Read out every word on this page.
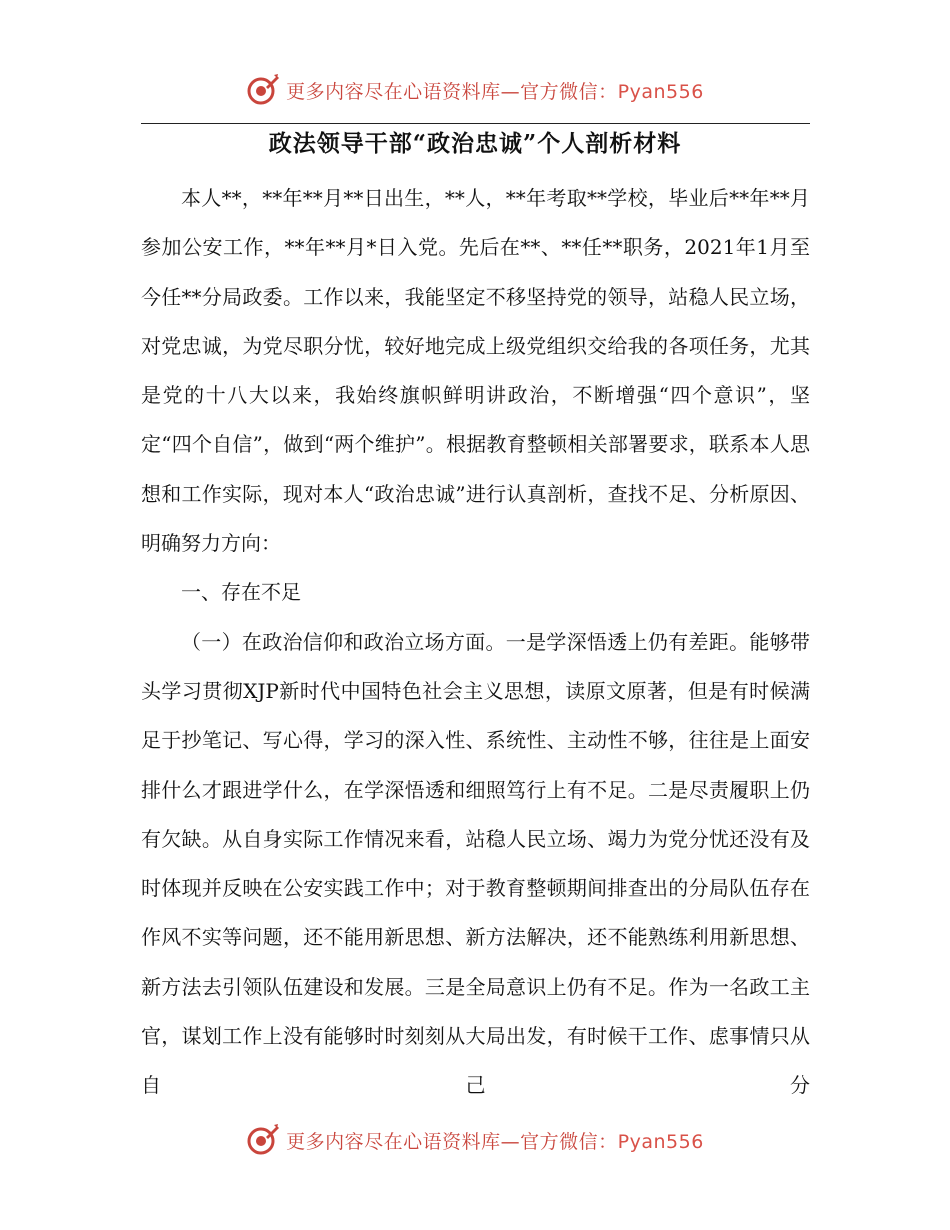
更多内容尽在心语资料库—官方微信：Pyan556
政法领导干部“政治忠诚”个人剖析材料

本人**，**年**月**日出生，**人，**年考取**学校，毕业后**年**月参加公安工作，**年**月*日入党。先后在**、**任**职务，2021年1月至今任**分局政委。工作以来，我能坚定不移坚持党的领导，站稳人民立场，对党忠诚，为党尽职分忧，较好地完成上级党组织交给我的各项任务，尤其是党的十八大以来，我始终旗帜鲜明讲政治，不断增强“四个意识”，坚定“四个自信”，做到“两个维护”。根据教育整顿相关部署要求，联系本人思想和工作实际，现对本人“政治忠诚”进行认真剖析，查找不足、分析原因、明确努力方向：

一、存在不足

（一）在政治信仰和政治立场方面。一是学深悟透上仍有差距。能够带头学习贯彻XJP新时代中国特色社会主义思想，读原文原著，但是有时候满足于抄笔记、写心得，学习的深入性、系统性、主动性不够，往往是上面安排什么才跟进学什么，在学深悟透和细照笃行上有不足。二是尽责履职上仍有欠缺。从自身实际工作情况来看，站稳人民立场、竭力为党分忧还没有及时体现并反映在公安实践工作中；对于教育整顿期间排查出的分局队伍存在作风不实等问题，还不能用新思想、新方法解决，还不能熟练利用新思想、新方法去引领队伍建设和发展。三是全局意识上仍有不足。作为一名政工主官，谋划工作上没有能够时时刻刻从大局出发，有时候干工作、虑事情只从自己分

更多内容尽在心语资料库—官方微信：Pyan556
